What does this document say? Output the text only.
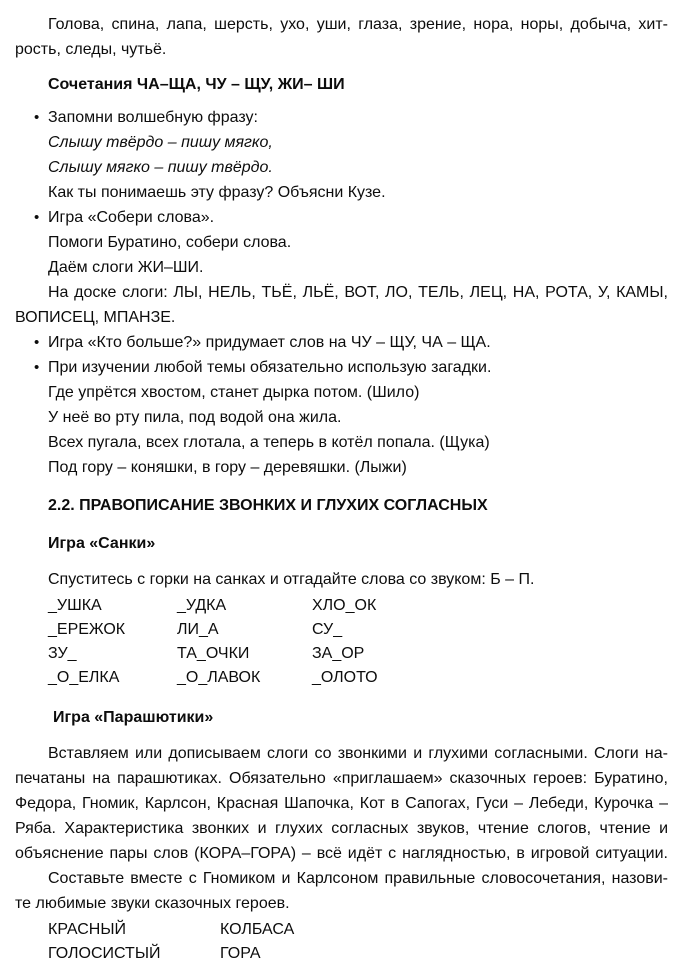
Голова, спина, лапа, шерсть, ухо, уши, глаза, зрение, нора, норы, добыча, хит-
рость, следы, чутьё.
Сочетания ЧА–ЩА, ЧУ – ЩУ, ЖИ– ШИ
• Запомни волшебную фразу:
Слышу твёрдо – пишу мягко,
Слышу мягко – пишу твёрдо.
Как ты понимаешь эту фразу? Объясни Кузе.
• Игра «Собери слова».
Помоги Буратино, собери слова.
Даём слоги ЖИ–ШИ.
На доске слоги: ЛЫ, НЕЛЬ, ТЬЁ, ЛЬЁ, ВОТ, ЛО, ТЕЛЬ, ЛЕЦ, НА, РОТА, У, КАМЫ,
ВОПИСЕЦ, МПАНЗЕ.
• Игра «Кто больше?» придумает слов на ЧУ – ЩУ, ЧА – ЩА.
• При изучении любой темы обязательно использую загадки.
Где упрётся хвостом, станет дырка потом. (Шило)
У неё во рту пила, под водой она жила.
Всех пугала, всех глотала, а теперь в котёл попала. (Щука)
Под гору – коняшки, в гору – деревяшки. (Лыжи)
2.2. ПРАВОПИСАНИЕ ЗВОНКИХ И ГЛУХИХ СОГЛАСНЫХ
Игра «Санки»
Спуститесь с горки на санках и отгадайте слова со звуком: Б – П.
_УШКА	_УДКА	ХЛО_ОК
_ЕРЕЖОК	ЛИ_А	СУ_
ЗУ_	ТА_ОЧКИ	ЗА_ОР
_О_ЕЛКА	_О_ЛАВОК	_ОЛОТО
Игра «Парашютики»
Вставляем или дописываем слоги со звонкими и глухими согласными. Слоги на-
печатаны на парашютиках. Обязательно «приглашаем» сказочных героев: Буратино,
Федора, Гномик, Карлсон, Красная Шапочка, Кот в Сапогах, Гуси – Лебеди, Курочка –
Ряба. Характеристика звонких и глухих согласных звуков, чтение слогов, чтение и
объяснение пары слов (КОРА–ГОРА) – всё идёт с наглядностью, в игровой ситуации.
Составьте вместе с Гномиком и Карлсоном правильные словосочетания, назови-
те любимые звуки сказочных героев.
КРАСНЫЙ	КОЛБАСА
ГОЛОСИСТЫЙ	ГОРА
